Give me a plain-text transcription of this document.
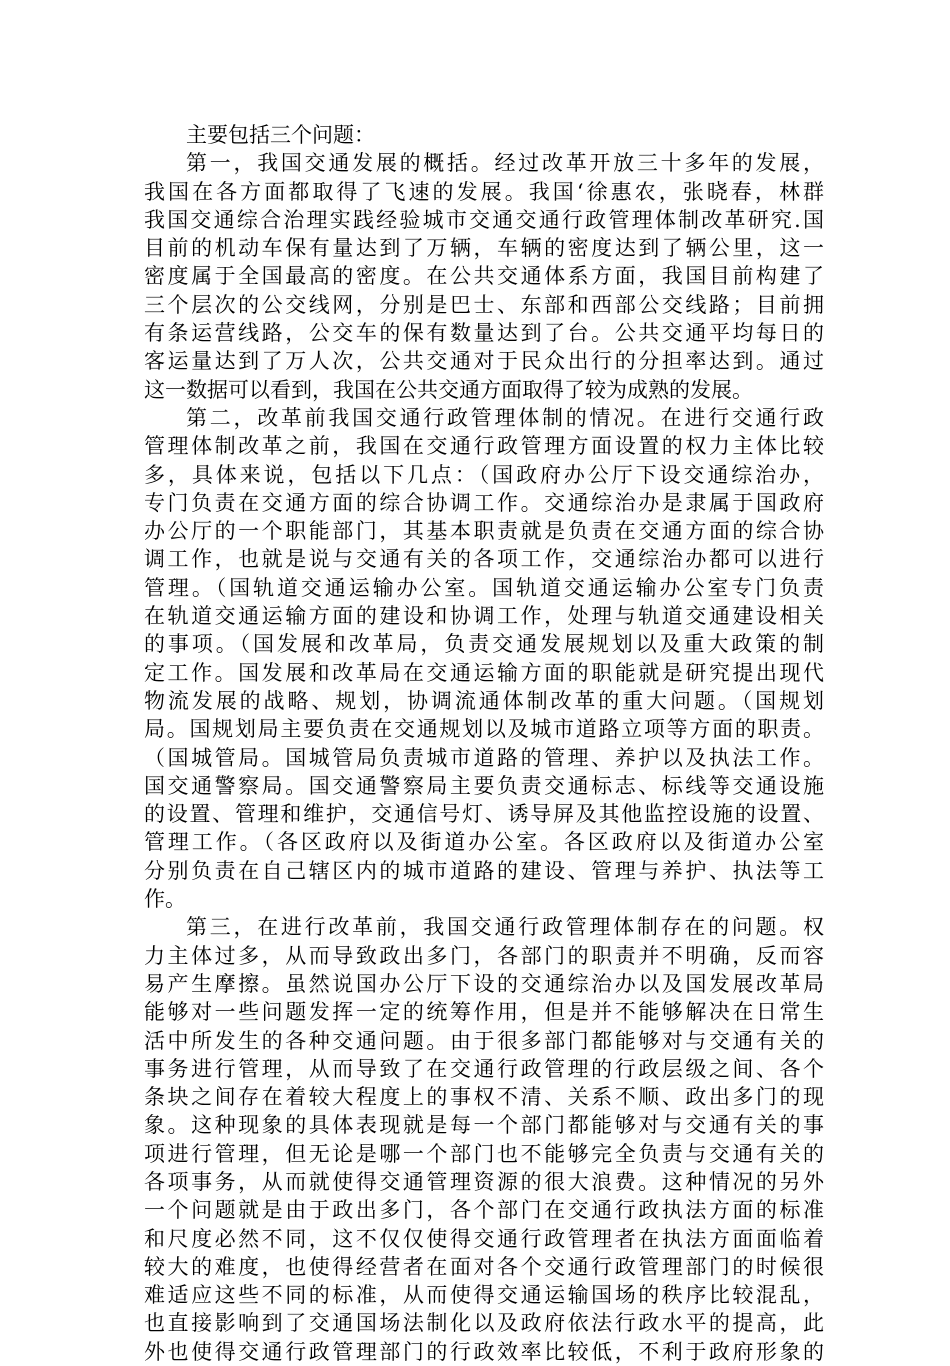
主要包括三个问题：
第一，我国交通发展的概括。经过改革开放三十多年的发展，
我国在各方面都取得了飞速的发展。我国‘徐惠农，张晓春，林群
我国交通综合治理实践经验城市交通交通行政管理体制改革研究.国
目前的机动车保有量达到了万辆，车辆的密度达到了辆公里，这一
密度属于全国最高的密度。在公共交通体系方面，我国目前构建了
三个层次的公交线网，分别是巴士、东部和西部公交线路；目前拥
有条运营线路，公交车的保有数量达到了台。公共交通平均每日的
客运量达到了万人次，公共交通对于民众出行的分担率达到。通过
这一数据可以看到，我国在公共交通方面取得了较为成熟的发展。
第二，改革前我国交通行政管理体制的情况。在进行交通行政
管理体制改革之前，我国在交通行政管理方面设置的权力主体比较
多，具体来说，包括以下几点：（国政府办公厅下设交通综治办，
专门负责在交通方面的综合协调工作。交通综治办是隶属于国政府
办公厅的一个职能部门，其基本职责就是负责在交通方面的综合协
调工作，也就是说与交通有关的各项工作，交通综治办都可以进行
管理。（国轨道交通运输办公室。国轨道交通运输办公室专门负责
在轨道交通运输方面的建设和协调工作，处理与轨道交通建设相关
的事项。（国发展和改革局，负责交通发展规划以及重大政策的制
定工作。国发展和改革局在交通运输方面的职能就是研究提出现代
物流发展的战略、规划，协调流通体制改革的重大问题。（国规划
局。国规划局主要负责在交通规划以及城市道路立项等方面的职责。
（国城管局。国城管局负责城市道路的管理、养护以及执法工作。
国交通警察局。国交通警察局主要负责交通标志、标线等交通设施
的设置、管理和维护，交通信号灯、诱导屏及其他监控设施的设置、
管理工作。（各区政府以及街道办公室。各区政府以及街道办公室
分别负责在自己辖区内的城市道路的建设、管理与养护、执法等工
作。
第三，在进行改革前，我国交通行政管理体制存在的问题。权
力主体过多，从而导致政出多门，各部门的职责并不明确，反而容
易产生摩擦。虽然说国办公厅下设的交通综治办以及国发展改革局
能够对一些问题发挥一定的统筹作用，但是并不能够解决在日常生
活中所发生的各种交通问题。由于很多部门都能够对与交通有关的
事务进行管理，从而导致了在交通行政管理的行政层级之间、各个
条块之间存在着较大程度上的事权不清、关系不顺、政出多门的现
象。这种现象的具体表现就是每一个部门都能够对与交通有关的事
项进行管理，但无论是哪一个部门也不能够完全负责与交通有关的
各项事务，从而就使得交通管理资源的很大浪费。这种情况的另外
一个问题就是由于政出多门，各个部门在交通行政执法方面的标准
和尺度必然不同，这不仅仅使得交通行政管理者在执法方面面临着
较大的难度，也使得经营者在面对各个交通行政管理部门的时候很
难适应这些不同的标准，从而使得交通运输国场的秩序比较混乱，
也直接影响到了交通国场法制化以及政府依法行政水平的提高，此
外也使得交通行政管理部门的行政效率比较低，不利于政府形象的
